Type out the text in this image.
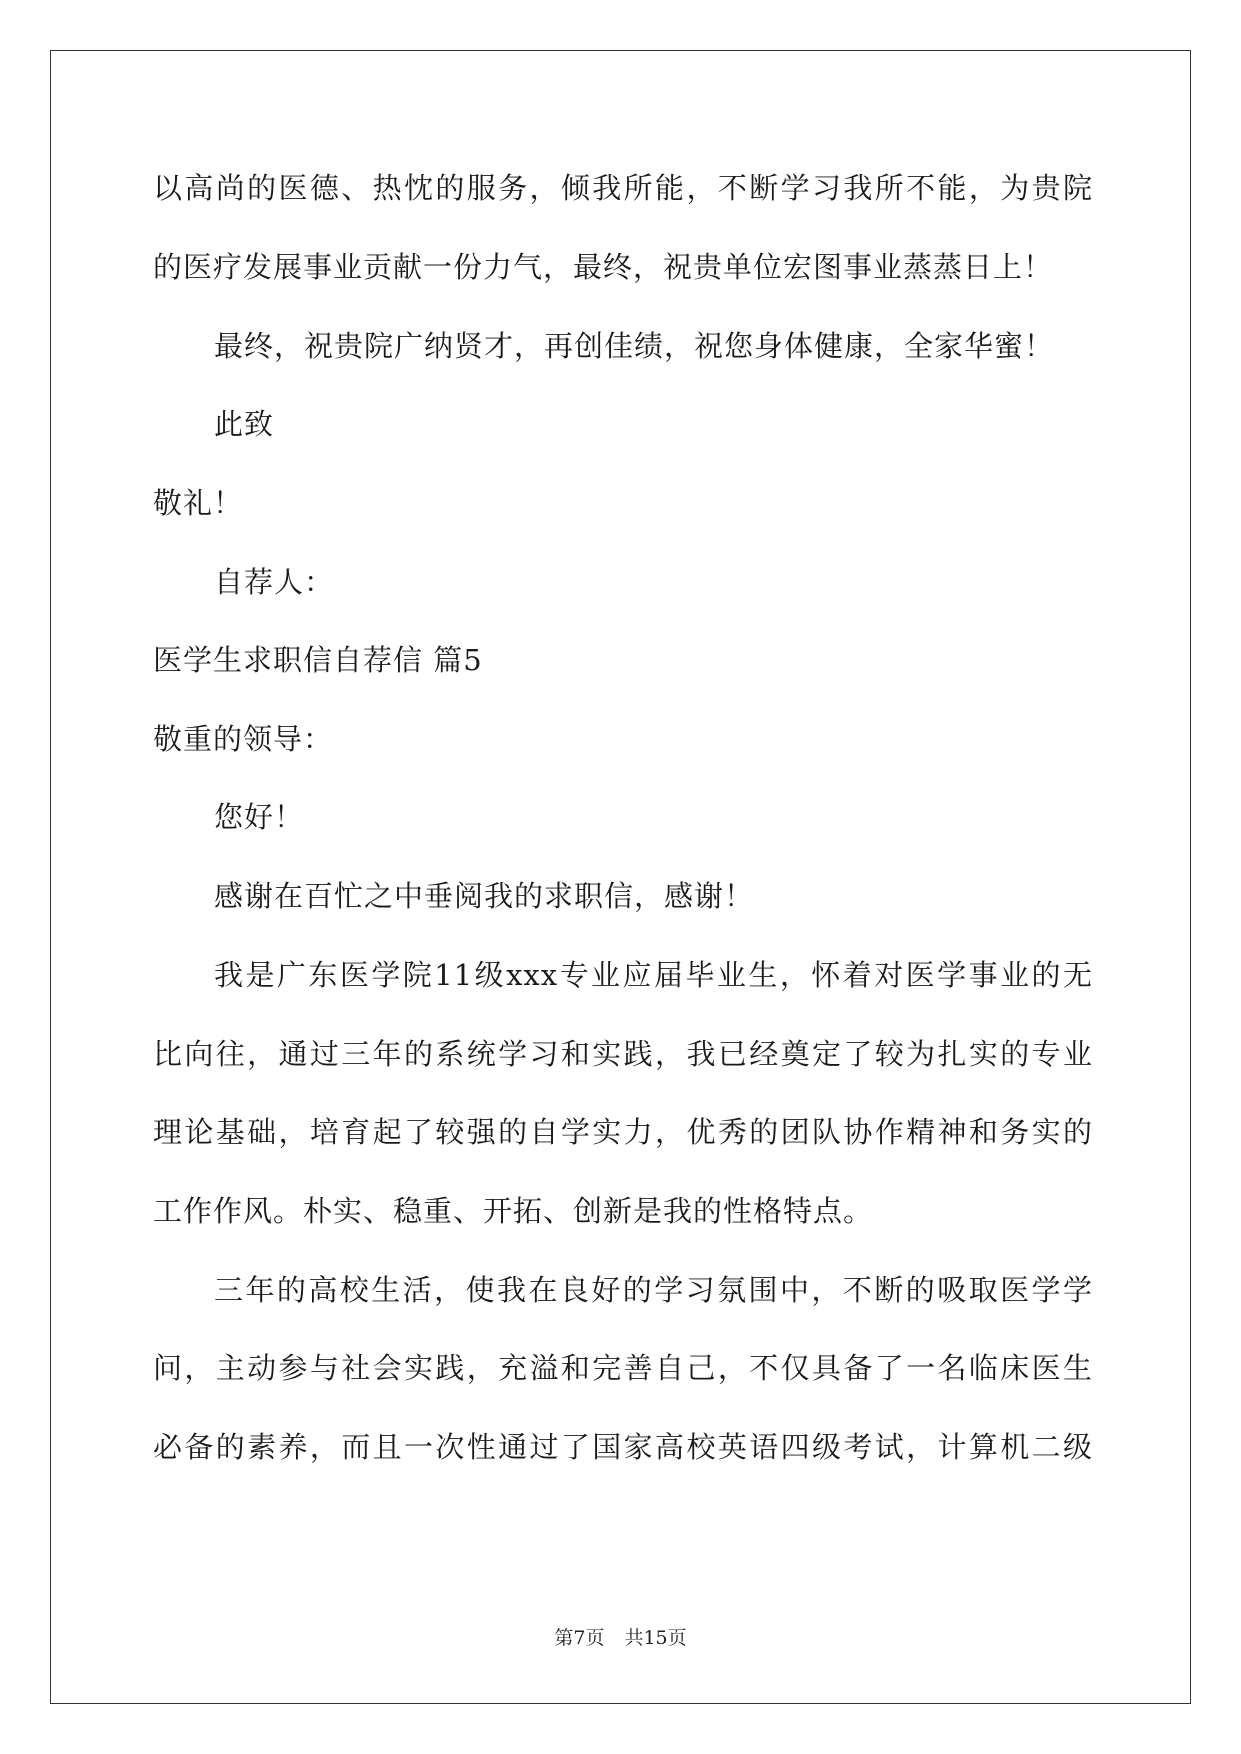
以高尚的医德、热忱的服务，倾我所能，不断学习我所不能，为贵院
的医疗发展事业贡献一份力气，最终，祝贵单位宏图事业蒸蒸日上！
最终，祝贵院广纳贤才，再创佳绩，祝您身体健康，全家华蜜！
此致
敬礼！
自荐人：
医学生求职信自荐信 篇5
敬重的领导：
您好！
感谢在百忙之中垂阅我的求职信，感谢！
我是广东医学院11级xxx专业应届毕业生，怀着对医学事业的无
比向往，通过三年的系统学习和实践，我已经奠定了较为扎实的专业
理论基础，培育起了较强的自学实力，优秀的团队协作精神和务实的
工作作风。朴实、稳重、开拓、创新是我的性格特点。
三年的高校生活，使我在良好的学习氛围中，不断的吸取医学学
问，主动参与社会实践，充溢和完善自己，不仅具备了一名临床医生
必备的素养，而且一次性通过了国家高校英语四级考试，计算机二级
第7页 共15页
